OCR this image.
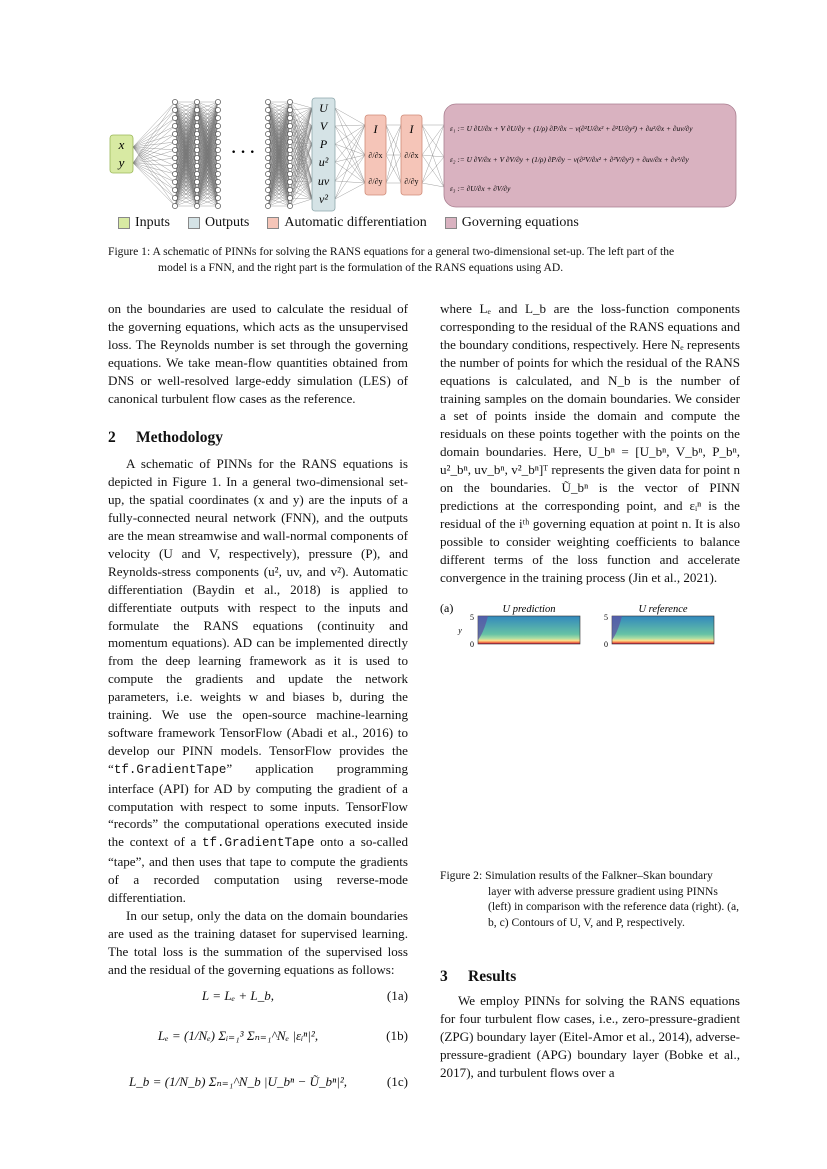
x
y
· · ·
U
V
P
u²
uv
v²
I
∂/∂x
∂/∂y
I
∂/∂x
∂/∂y
ε₁ := U ∂U/∂x + V ∂U/∂y + (1/ρ) ∂P/∂x − ν(∂²U/∂x² + ∂²U/∂y²) + ∂u²/∂x + ∂uv/∂y
ε₂ := U ∂V/∂x + V ∂V/∂y + (1/ρ) ∂P/∂y − ν(∂²V/∂x² + ∂²V/∂y²) + ∂uv/∂x + ∂v²/∂y
ε₃ := ∂U/∂x + ∂V/∂y
Inputs	Outputs	Automatic differentiation	Governing equations
Figure 1: A schematic of PINNs for solving the RANS equations for a general two-dimensional set-up. The left part of the
model is a FNN, and the right part is the formulation of the RANS equations using AD.

on the boundaries are used to calculate the residual of the governing equations, which acts as the unsupervised loss. The Reynolds number is set through the governing equations. We take mean-flow quantities obtained from DNS or well-resolved large-eddy simulation (LES) of canonical turbulent flow cases as the reference.

2 Methodology

A schematic of PINNs for the RANS equations is depicted in Figure 1. In a general two-dimensional set-up, the spatial coordinates (x and y) are the inputs of a fully-connected neural network (FNN), and the outputs are the mean streamwise and wall-normal components of velocity (U and V, respectively), pressure (P), and Reynolds-stress components (u², uv, and v²). Automatic differentiation (Baydin et al., 2018) is applied to differentiate outputs with respect to the inputs and formulate the RANS equations (continuity and momentum equations). AD can be implemented directly from the deep learning framework as it is used to compute the gradients and update the network parameters, i.e. weights w and biases b, during the training. We use the open-source machine-learning software framework TensorFlow (Abadi et al., 2016) to develop our PINN models. TensorFlow provides the “tf.GradientTape” application programming interface (API) for AD by computing the gradient of a computation with respect to some inputs. TensorFlow “records” the computational operations executed inside the context of a tf.GradientTape onto a so-called “tape”, and then uses that tape to compute the gradients of a recorded computation using reverse-mode differentiation.

In our setup, only the data on the domain boundaries are used as the training dataset for supervised learning. The total loss is the summation of the supervised loss and the residual of the governing equations as follows:

L = Lₑ + L_b,	(1a)
Lₑ = (1/Nₑ) Σᵢ₌₁³ Σₙ₌₁^Nₑ |εᵢⁿ|²,	(1b)
L_b = (1/N_b) Σₙ₌₁^N_b |U_bⁿ − Ũ_bⁿ|²,	(1c)

where Lₑ and L_b are the loss-function components corresponding to the residual of the RANS equations and the boundary conditions, respectively. Here Nₑ represents the number of points for which the residual of the RANS equations is calculated, and N_b is the number of training samples on the domain boundaries. We consider a set of points inside the domain and compute the residuals on these points together with the points on the domain boundaries. Here, U_bⁿ = [U_bⁿ, V_bⁿ, P_bⁿ, u²_bⁿ, uv_bⁿ, v²_bⁿ]ᵀ represents the given data for point n on the boundaries. Ũ_bⁿ is the vector of PINN predictions at the corresponding point, and εᵢⁿ is the residual of the iᵗʰ governing equation at point n. It is also possible to consider weighting coefficients to balance different terms of the loss function and accelerate convergence in the training process (Jin et al., 2021).

(a)	U prediction
5
0
y
U reference
5
0
Figure 2: Simulation results of the Falkner–Skan boundary
layer with adverse pressure gradient using PINNs (left) in comparison with the reference data (right). (a, b, c) Contours of U, V, and P, respectively.
3 Results

We employ PINNs for solving the RANS equations for four turbulent flow cases, i.e., zero-pressure-gradient (ZPG) boundary layer (Eitel-Amor et al., 2014), adverse-pressure-gradient (APG) boundary layer (Bobke et al., 2017), and turbulent flows over a
